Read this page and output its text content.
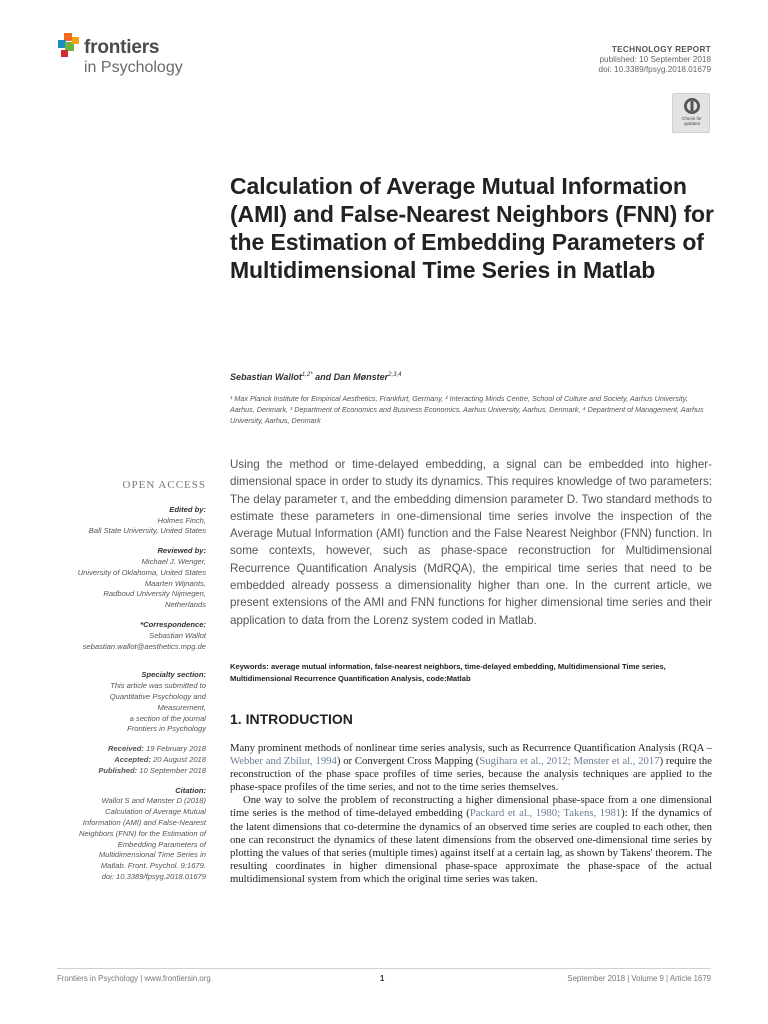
frontiers
in Psychology
TECHNOLOGY REPORT
published: 10 September 2018
doi: 10.3389/fpsyg.2018.01679
Check for
updates
Calculation of Average Mutual Information (AMI) and False-Nearest Neighbors (FNN) for the Estimation of Embedding Parameters of Multidimensional Time Series in Matlab
Sebastian Wallot$^{1,2*}$ and Dan Mønster$^{2,3,4}$
¹ Max Planck Institute for Empirical Aesthetics, Frankfurt, Germany, ² Interacting Minds Centre, School of Culture and Society, Aarhus University, Aarhus, Denmark, ³ Department of Economics and Business Economics, Aarhus University, Aarhus, Denmark, ⁴ Department of Management, Aarhus University, Aarhus, Denmark
Using the method or time-delayed embedding, a signal can be embedded into higher-dimensional space in order to study its dynamics. This requires knowledge of two parameters: The delay parameter τ, and the embedding dimension parameter D. Two standard methods to estimate these parameters in one-dimensional time series involve the inspection of the Average Mutual Information (AMI) function and the False Nearest Neighbor (FNN) function. In some contexts, however, such as phase-space reconstruction for Multidimensional Recurrence Quantification Analysis (MdRQA), the empirical time series that need to be embedded already possess a dimensionality higher than one. In the current article, we present extensions of the AMI and FNN functions for higher dimensional time series and their application to data from the Lorenz system coded in Matlab.
Keywords: average mutual information, false-nearest neighbors, time-delayed embedding, Multidimensional Time series, Multidimensional Recurrence Quantification Analysis, code:Matlab
OPEN ACCESS
Edited by:
Holmes Finch,
Ball State University, United States
Reviewed by:
Michael J. Wenger,
University of Oklahoma, United States
Maarten Wijnants,
Radboud University Nijmegen,
Netherlands
*Correspondence:
Sebastian Wallot
sebastian.wallot@aesthetics.mpg.de
Specialty section:
This article was submitted to
Quantitative Psychology and
Measurement,
a section of the journal
Frontiers in Psychology
Received: 19 February 2018
Accepted: 20 August 2018
Published: 10 September 2018
Citation:
Wallot S and Mønster D (2018)
Calculation of Average Mutual
Information (AMI) and False-Nearest
Neighbors (FNN) for the Estimation of
Embedding Parameters of
Multidimensional Time Series in
Matlab. Front. Psychol. 9:1679.
doi: 10.3389/fpsyg.2018.01679
1. INTRODUCTION

Many prominent methods of nonlinear time series analysis, such as Recurrence Quantification Analysis (RQA – Webber and Zbilut, 1994) or Convergent Cross Mapping (Sugihara et al., 2012; Mønster et al., 2017) require the reconstruction of the phase space profiles of time series, because the analysis techniques are applied to the phase-space profiles of the time series, and not to the time series themselves.

One way to solve the problem of reconstructing a higher dimensional phase-space from a one dimensional time series is the method of time-delayed embedding (Packard et al., 1980; Takens, 1981): If the dynamics of the latent dimensions that co-determine the dynamics of an observed time series are coupled to each other, then one can reconstruct the dynamics of these latent dimensions from the observed one-dimensional time series by plotting the values of that series (multiple times) against itself at a certain lag, as shown by Takens' theorem. The resulting coordinates in higher dimensional phase-space approximate the phase-space of the actual multidimensional system from which the original time series was taken.

Frontiers in Psychology | www.frontiersin.org	1	September 2018 | Volume 9 | Article 1679
